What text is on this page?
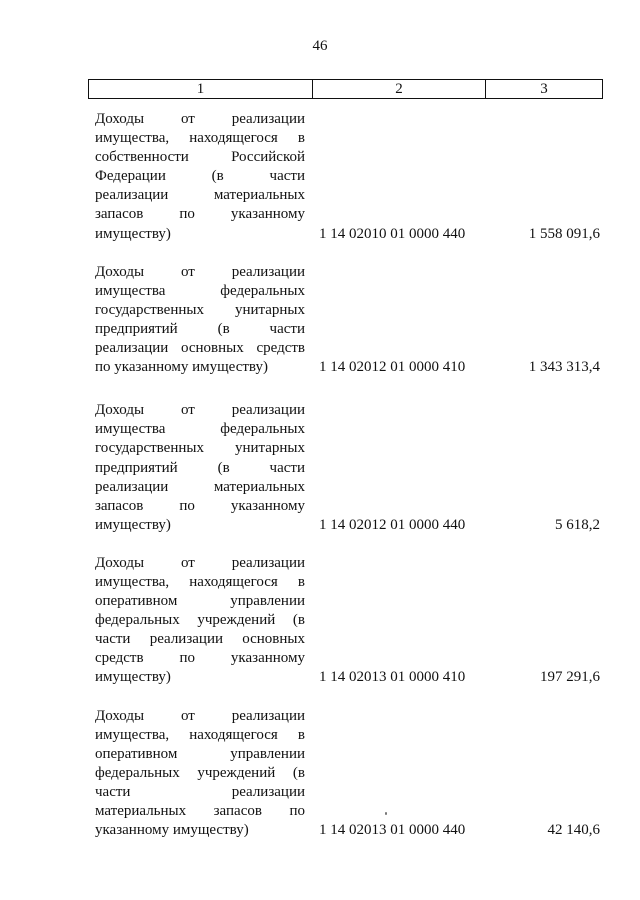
46
1	2	3
Доходы от реализации
имущества, находящегося в
собственности Российской
Федерации (в части
реализации материальных
запасов по указанному
имуществу)	1 14 02010 01 0000 440	1 558 091,6
Доходы от реализации
имущества федеральных
государственных унитарных
предприятий (в части
реализации основных средств
по указанному имуществу)	1 14 02012 01 0000 410	1 343 313,4
Доходы от реализации
имущества федеральных
государственных унитарных
предприятий (в части
реализации материальных
запасов по указанному
имуществу)	1 14 02012 01 0000 440	5 618,2
Доходы от реализации
имущества, находящегося в
оперативном управлении
федеральных учреждений (в
части реализации основных
средств по указанному
имуществу)	1 14 02013 01 0000 410	197 291,6
Доходы от реализации
имущества, находящегося в
оперативном управлении
федеральных учреждений (в
части реализации
материальных запасов по
указанному имуществу)	1 14 02013 01 0000 440	42 140,6
